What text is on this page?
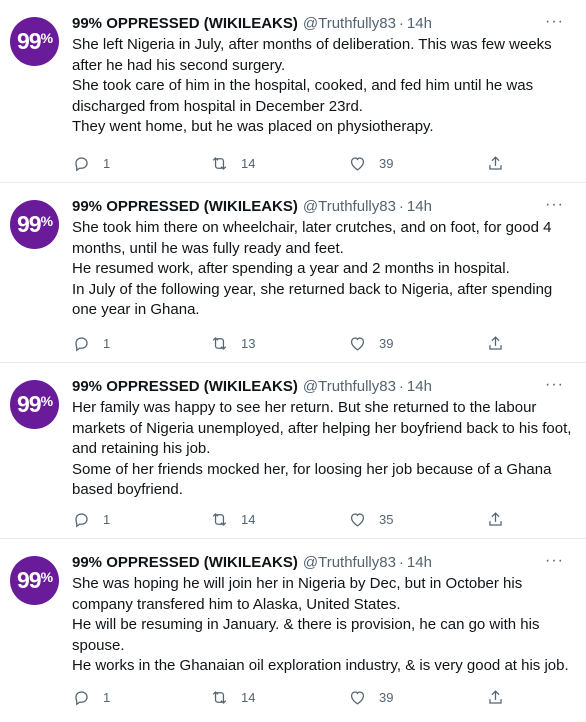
99 %
99% OPPRESSED (WIKILEAKS) @Truthfully83 · 14h	···

She left Nigeria in July, after months of deliberation. This was few weeks after he had his second surgery.

She took care of him in the hospital, cooked, and fed him until he was discharged from hospital in December 23rd.

They went home, but he was placed on physiotherapy.

1	14	39
99 %
99% OPPRESSED (WIKILEAKS) @Truthfully83 · 14h	···

She took him there on wheelchair, later crutches, and on foot, for good 4 months, until he was fully ready and feet.

He resumed work, after spending a year and 2 months in hospital.

In July of the following year, she returned back to Nigeria, after spending one year in Ghana.

1	13	39
99 %
99% OPPRESSED (WIKILEAKS) @Truthfully83 · 14h	···

Her family was happy to see her return. But she returned to the labour markets of Nigeria unemployed, after helping her boyfriend back to his foot, and retaining his job.

Some of her friends mocked her, for loosing her job because of a Ghana based boyfriend.

1	14	35
99 %
99% OPPRESSED (WIKILEAKS) @Truthfully83 · 14h	···

She was hoping he will join her in Nigeria by Dec, but in October his company transfered him to Alaska, United States.

He will be resuming in January. & there is provision, he can go with his spouse.

He works in the Ghanaian oil exploration industry, & is very good at his job.

1	14	39
